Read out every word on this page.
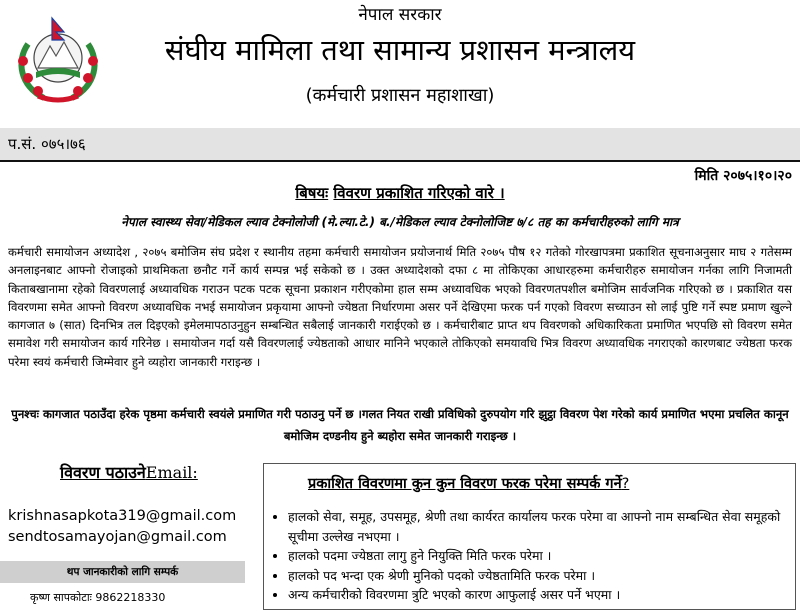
नेपाल सरकार
संघीय मामिला तथा सामान्य प्रशासन मन्त्रालय
(कर्मचारी प्रशासन महाशाखा)
प.सं. ०७५।७६
मिति २०७५।१०।२०
बिषयः विवरण प्रकाशित गरिएको वारे ।
नेपाल स्वास्थ्य सेवा/मेडिकल ल्याव टेक्नोलोजी (मे.ल्या.टे.) ब./मेडिकल ल्याव टेक्नोलोजिष्ट ७/८ तह का कर्मचारीहरुको लागि मात्र
कर्मचारी समायोजन अध्यादेश , २०७५ बमोजिम संघ प्रदेश र स्थानीय तहमा कर्मचारी समायोजन प्रयोजनार्थ मिति २०७५ पौष १२ गतेको गोरखापत्रमा प्रकाशित सूचनाअनुसार माघ २ गतेसम्म अनलाइनबाट आफ्नो रोजाइको प्राथमिकता छनौट गर्ने कार्य सम्पन्न भई सकेको छ । उक्त अध्यादेशको दफा ८ मा तोकिएका आधारहरुमा कर्मचारीहरु समायोजन गर्नका लागि निजामती किताबखानामा रहेको विवरणलाई अध्यावधिक गराउन पटक पटक सूचना प्रकाशन गरीएकोमा हाल सम्म अध्यावधिक भएको विवरणतपशील बमोजिम सार्वजनिक गरिएको छ । प्रकाशित यस विवरणमा समेत आफ्नो विवरण अध्यावधिक नभई समायोजन प्रकृयामा आफ्नो ज्येष्ठता निर्धारणमा असर पर्ने देखिएमा फरक पर्न गएको विवरण सच्याउन सो लाई पुष्टि गर्ने स्पष्ट प्रमाण खुल्ने कागजात ७ (सात) दिनभित्र तल दिइएको इमेलमापठाउनुहुन सम्बन्धित सबैलाई जानकारी गराईएको छ । कर्मचारीबाट प्राप्त थप विवरणको अधिकारिकता प्रमाणित भएपछि सो विवरण समेत समावेश गरी समायोजन कार्य गरिनेछ । समायोजन गर्दा यसै विवरणलाई ज्येष्ठताको आधार मानिने भएकाले तोकिएको समयावधि भित्र विवरण अध्यावधिक नगराएको कारणबाट ज्येष्ठता फरक परेमा स्वयं कर्मचारी जिम्मेवार हुने व्यहोरा जानकारी गराइन्छ ।
पुनश्चः कागजात पठाउँदा हरेक पृष्ठमा कर्मचारी स्वयंले प्रमाणित गरी पठाउनु पर्ने छ ।गलत नियत राखी प्रविधिको दुरुपयोग गरि झुट्ठा विवरण पेश गरेको कार्य प्रमाणित भएमा प्रचलित कानून बमोजिम दण्डनीय हुने ब्यहोरा समेत जानकारी गराइन्छ ।
विवरण पठाउनेEmail:
krishnasapkota319@gmail.com
sendtosamayojan@gmail.com
थप जानकारीको लागि सम्पर्क
कृष्ण सापकोटाः 9862218330
प्रकाशित विवरणमा कुन कुन विवरण फरक परेमा सम्पर्क गर्ने?
• हालको सेवा, समूह, उपसमूह, श्रेणी तथा कार्यरत कार्यालय फरक परेमा वा आफ्नो नाम सम्बन्धित सेवा समूहको सूचीमा उल्लेख नभएमा ।
• हालको पदमा ज्येष्ठता लागु हुने नियुक्ति मिति फरक परेमा ।
• हालको पद भन्दा एक श्रेणी मुनिको पदको ज्येष्ठतामिति फरक परेमा ।
• अन्य कर्मचारीको विवरणमा त्रुटि भएको कारण आफुलाई असर पर्ने भएमा ।
